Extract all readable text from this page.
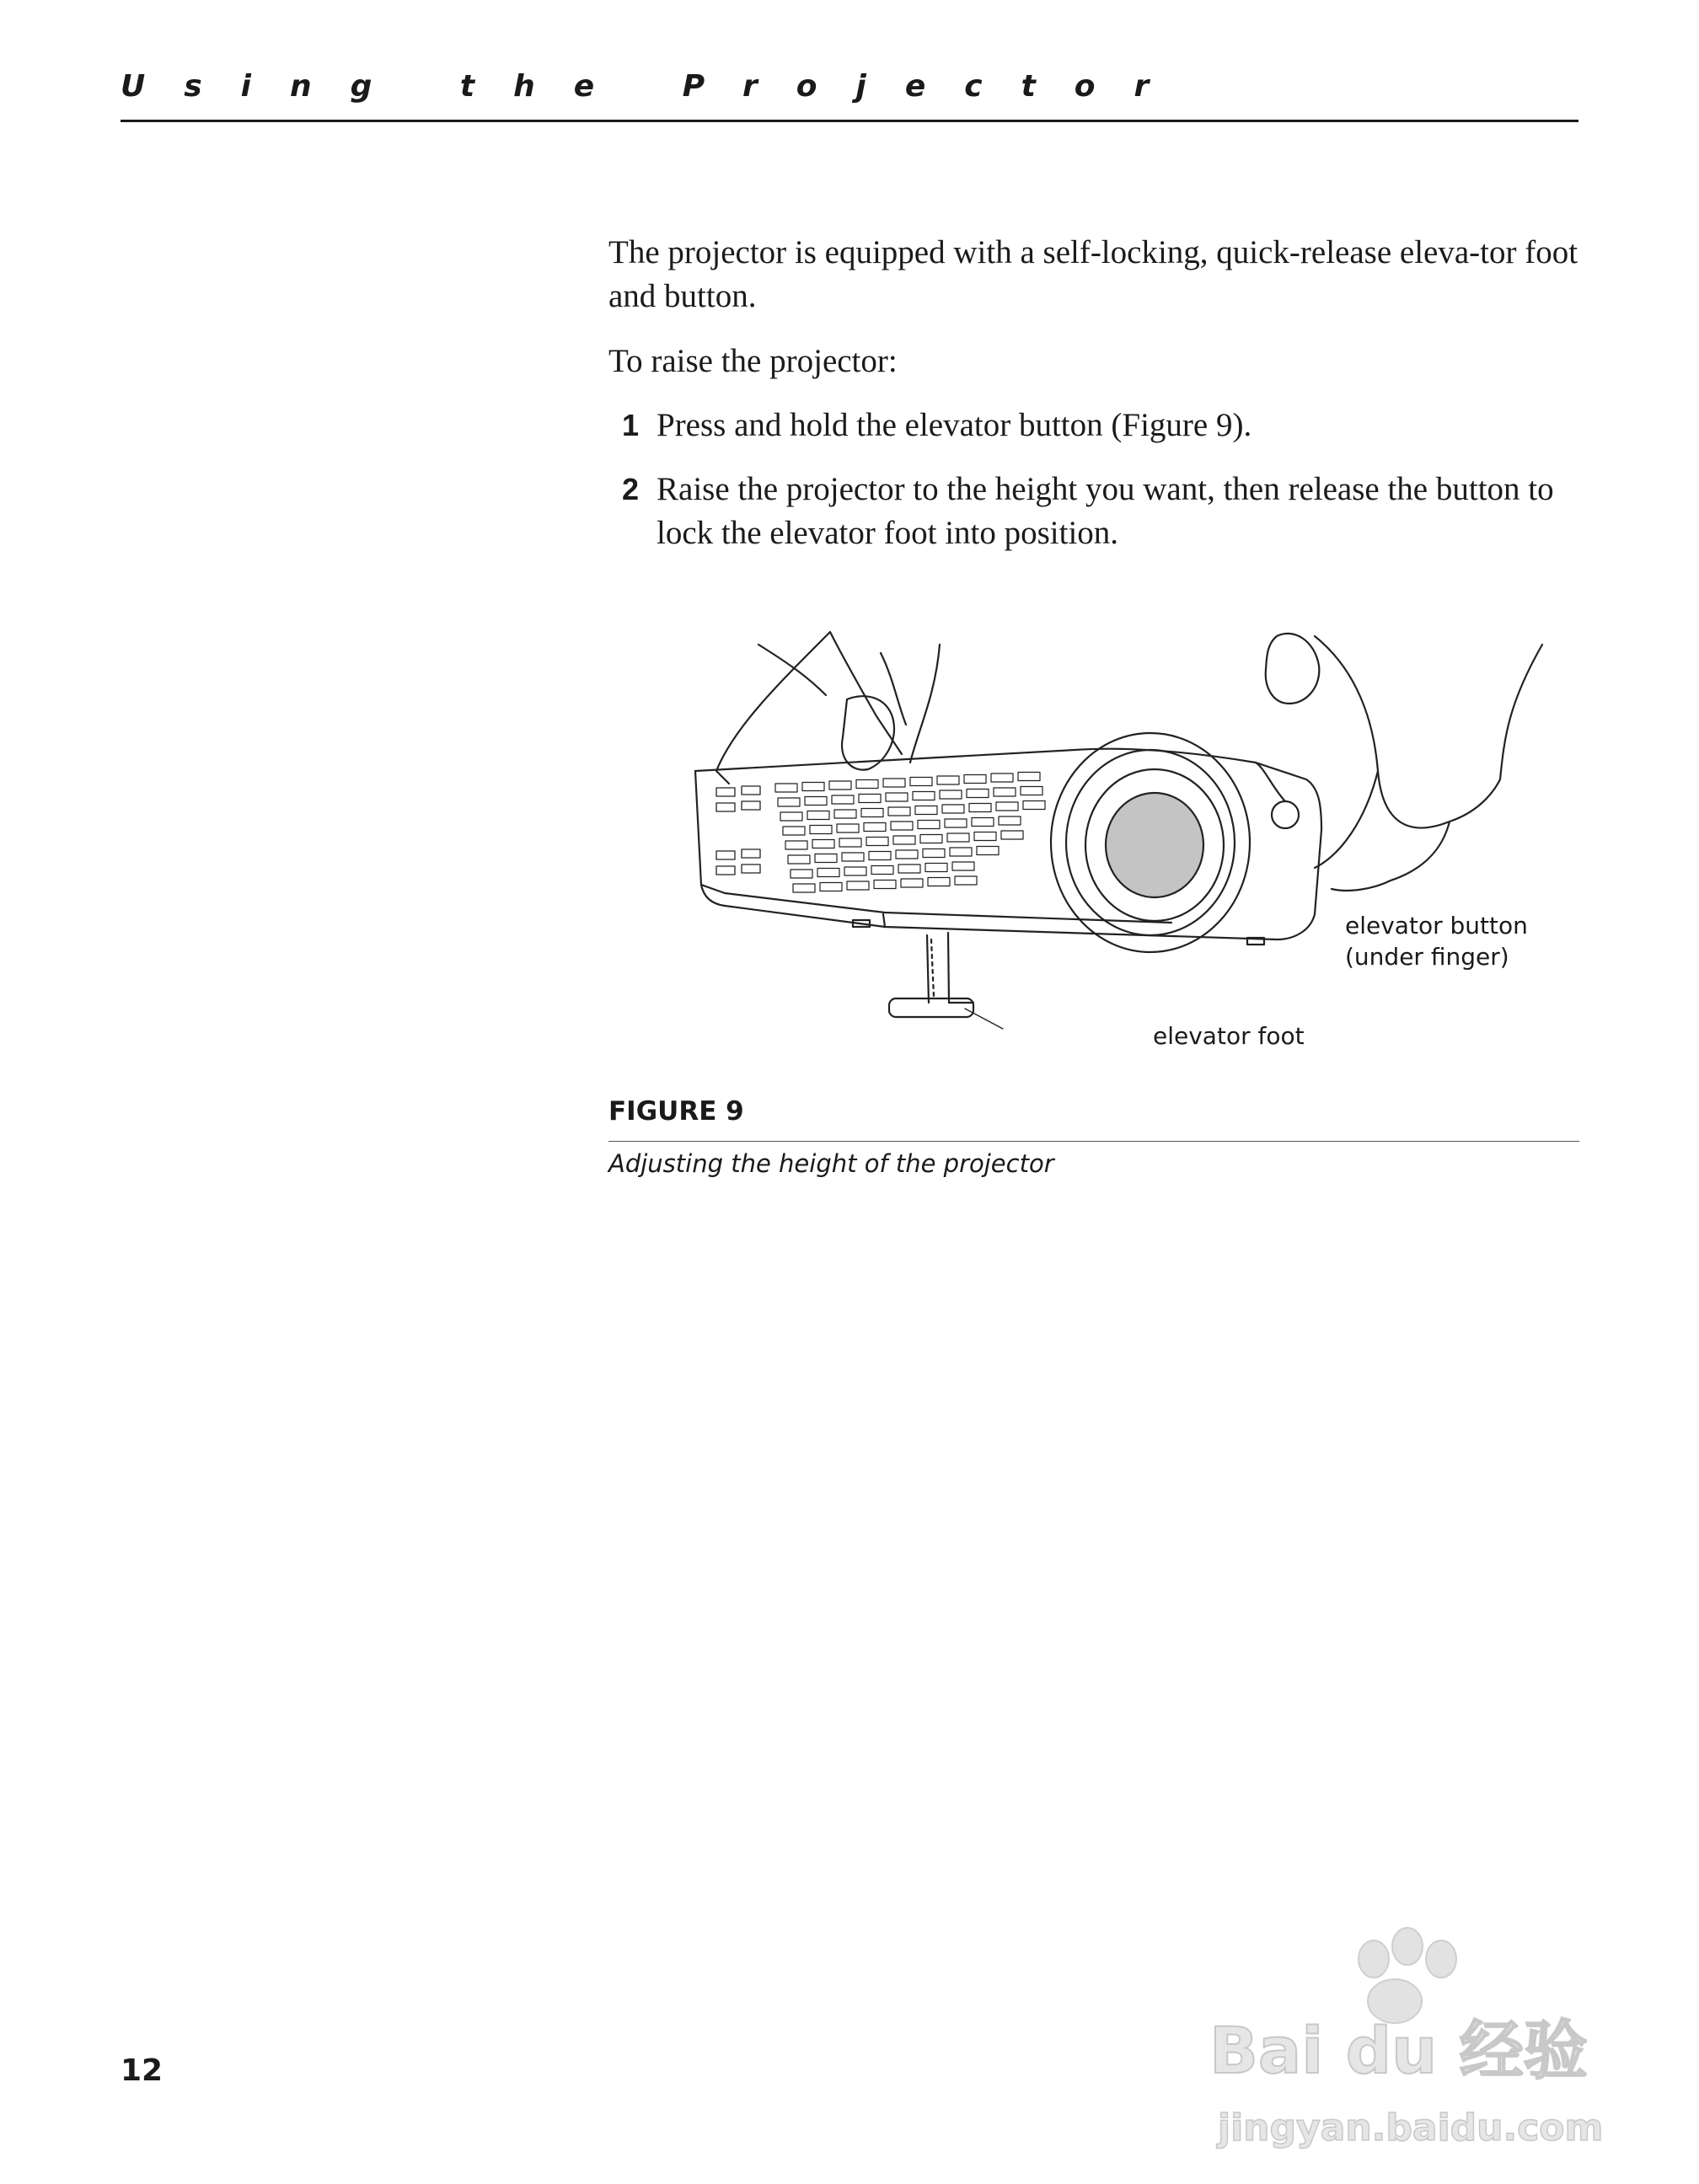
Using the Projector
The projector is equipped with a self-locking, quick-release eleva-tor foot and button.
To raise the projector:
1 Press and hold the elevator button (Figure 9).
2 Raise the projector to the height you want, then release the button to lock the elevator foot into position.
elevator button (under finger)
elevator foot
FIGURE 9
Adjusting the height of the projector
12	Bai du 经验
jingyan.baidu.com
